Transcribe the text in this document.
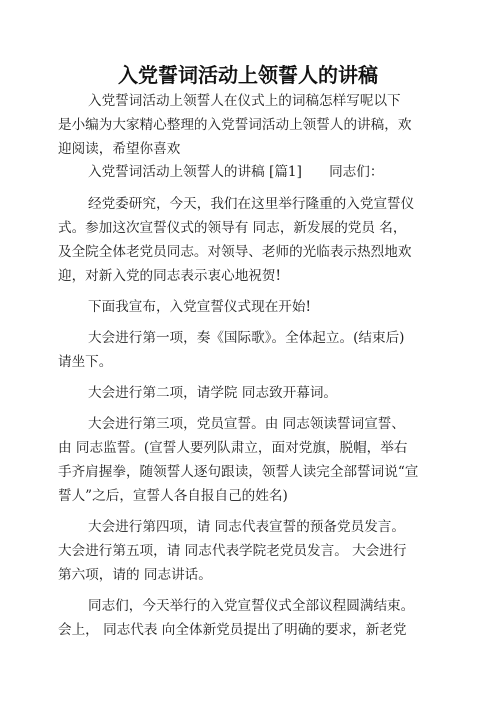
入党誓词活动上领誓人的讲稿
入党誓词活动上领誓人在仪式上的词稿怎样写呢以下
是小编为大家精心整理的入党誓词活动上领誓人的讲稿，欢
迎阅读，希望你喜欢
入党誓词活动上领誓人的讲稿 [篇1]　　同志们：
经党委研究，今天，我们在这里举行隆重的入党宣誓仪
式。参加这次宣誓仪式的领导有 同志，新发展的党员 名，
及全院全体老党员同志。对领导、老师的光临表示热烈地欢
迎，对新入党的同志表示衷心地祝贺!
下面我宣布，入党宣誓仪式现在开始!
大会进行第一项，奏《国际歌》。全体起立。(结束后)
请坐下。
大会进行第二项，请学院 同志致开幕词。
大会进行第三项，党员宣誓。由 同志领读誓词宣誓、
由 同志监誓。(宣誓人要列队肃立，面对党旗，脱帽，举右
手齐肩握拳，随领誓人逐句跟读，领誓人读完全部誓词说“宣
誓人”之后，宣誓人各自报自己的姓名)
大会进行第四项，请 同志代表宣誓的预备党员发言。
大会进行第五项，请 同志代表学院老党员发言。 大会进行
第六项，请的 同志讲话。
同志们，今天举行的入党宣誓仪式全部议程圆满结束。
会上， 同志代表 向全体新党员提出了明确的要求，新老党
